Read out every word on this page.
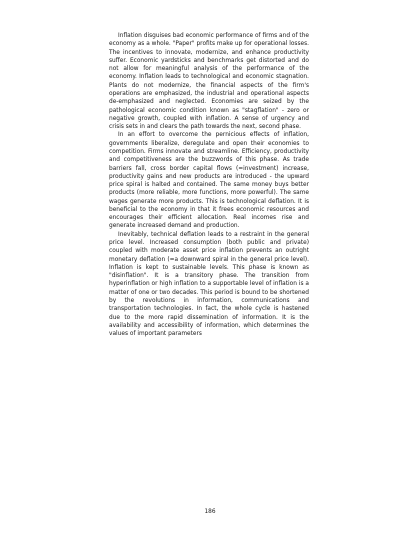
Inflation disguises bad economic performance of firms and of the economy as a whole. "Paper" profits make up for operational losses. The incentives to innovate, modernize, and enhance productivity suffer. Economic yardsticks and benchmarks get distorted and do not allow for meaningful analysis of the performance of the economy. Inflation leads to technological and economic stagnation. Plants do not modernize, the financial aspects of the firm's operations are emphasized, the industrial and operational aspects de-emphasized and neglected. Economies are seized by the pathological economic condition known as "stagflation" - zero or negative growth, coupled with inflation. A sense of urgency and crisis sets in and clears the path towards the next, second phase.

In an effort to overcome the pernicious effects of inflation, governments liberalize, deregulate and open their economies to competition. Firms innovate and streamline. Efficiency, productivity and competitiveness are the buzzwords of this phase. As trade barriers fall, cross border capital flows (=investment) increase, productivity gains and new products are introduced - the upward price spiral is halted and contained. The same money buys better products (more reliable, more functions, more powerful). The same wages generate more products. This is technological deflation. It is beneficial to the economy in that it frees economic resources and encourages their efficient allocation. Real incomes rise and generate increased demand and production.

Inevitably, technical deflation leads to a restraint in the general price level. Increased consumption (both public and private) coupled with moderate asset price inflation prevents an outright monetary deflation (=a downward spiral in the general price level). Inflation is kept to sustainable levels. This phase is known as "disinflation". It is a transitory phase. The transition from hyperinflation or high inflation to a supportable level of inflation is a matter of one or two decades. This period is bound to be shortened by the revolutions in information, communications and transportation technologies. In fact, the whole cycle is hastened due to the more rapid dissemination of information. It is the availability and accessibility of information, which determines the values of important parameters

186
